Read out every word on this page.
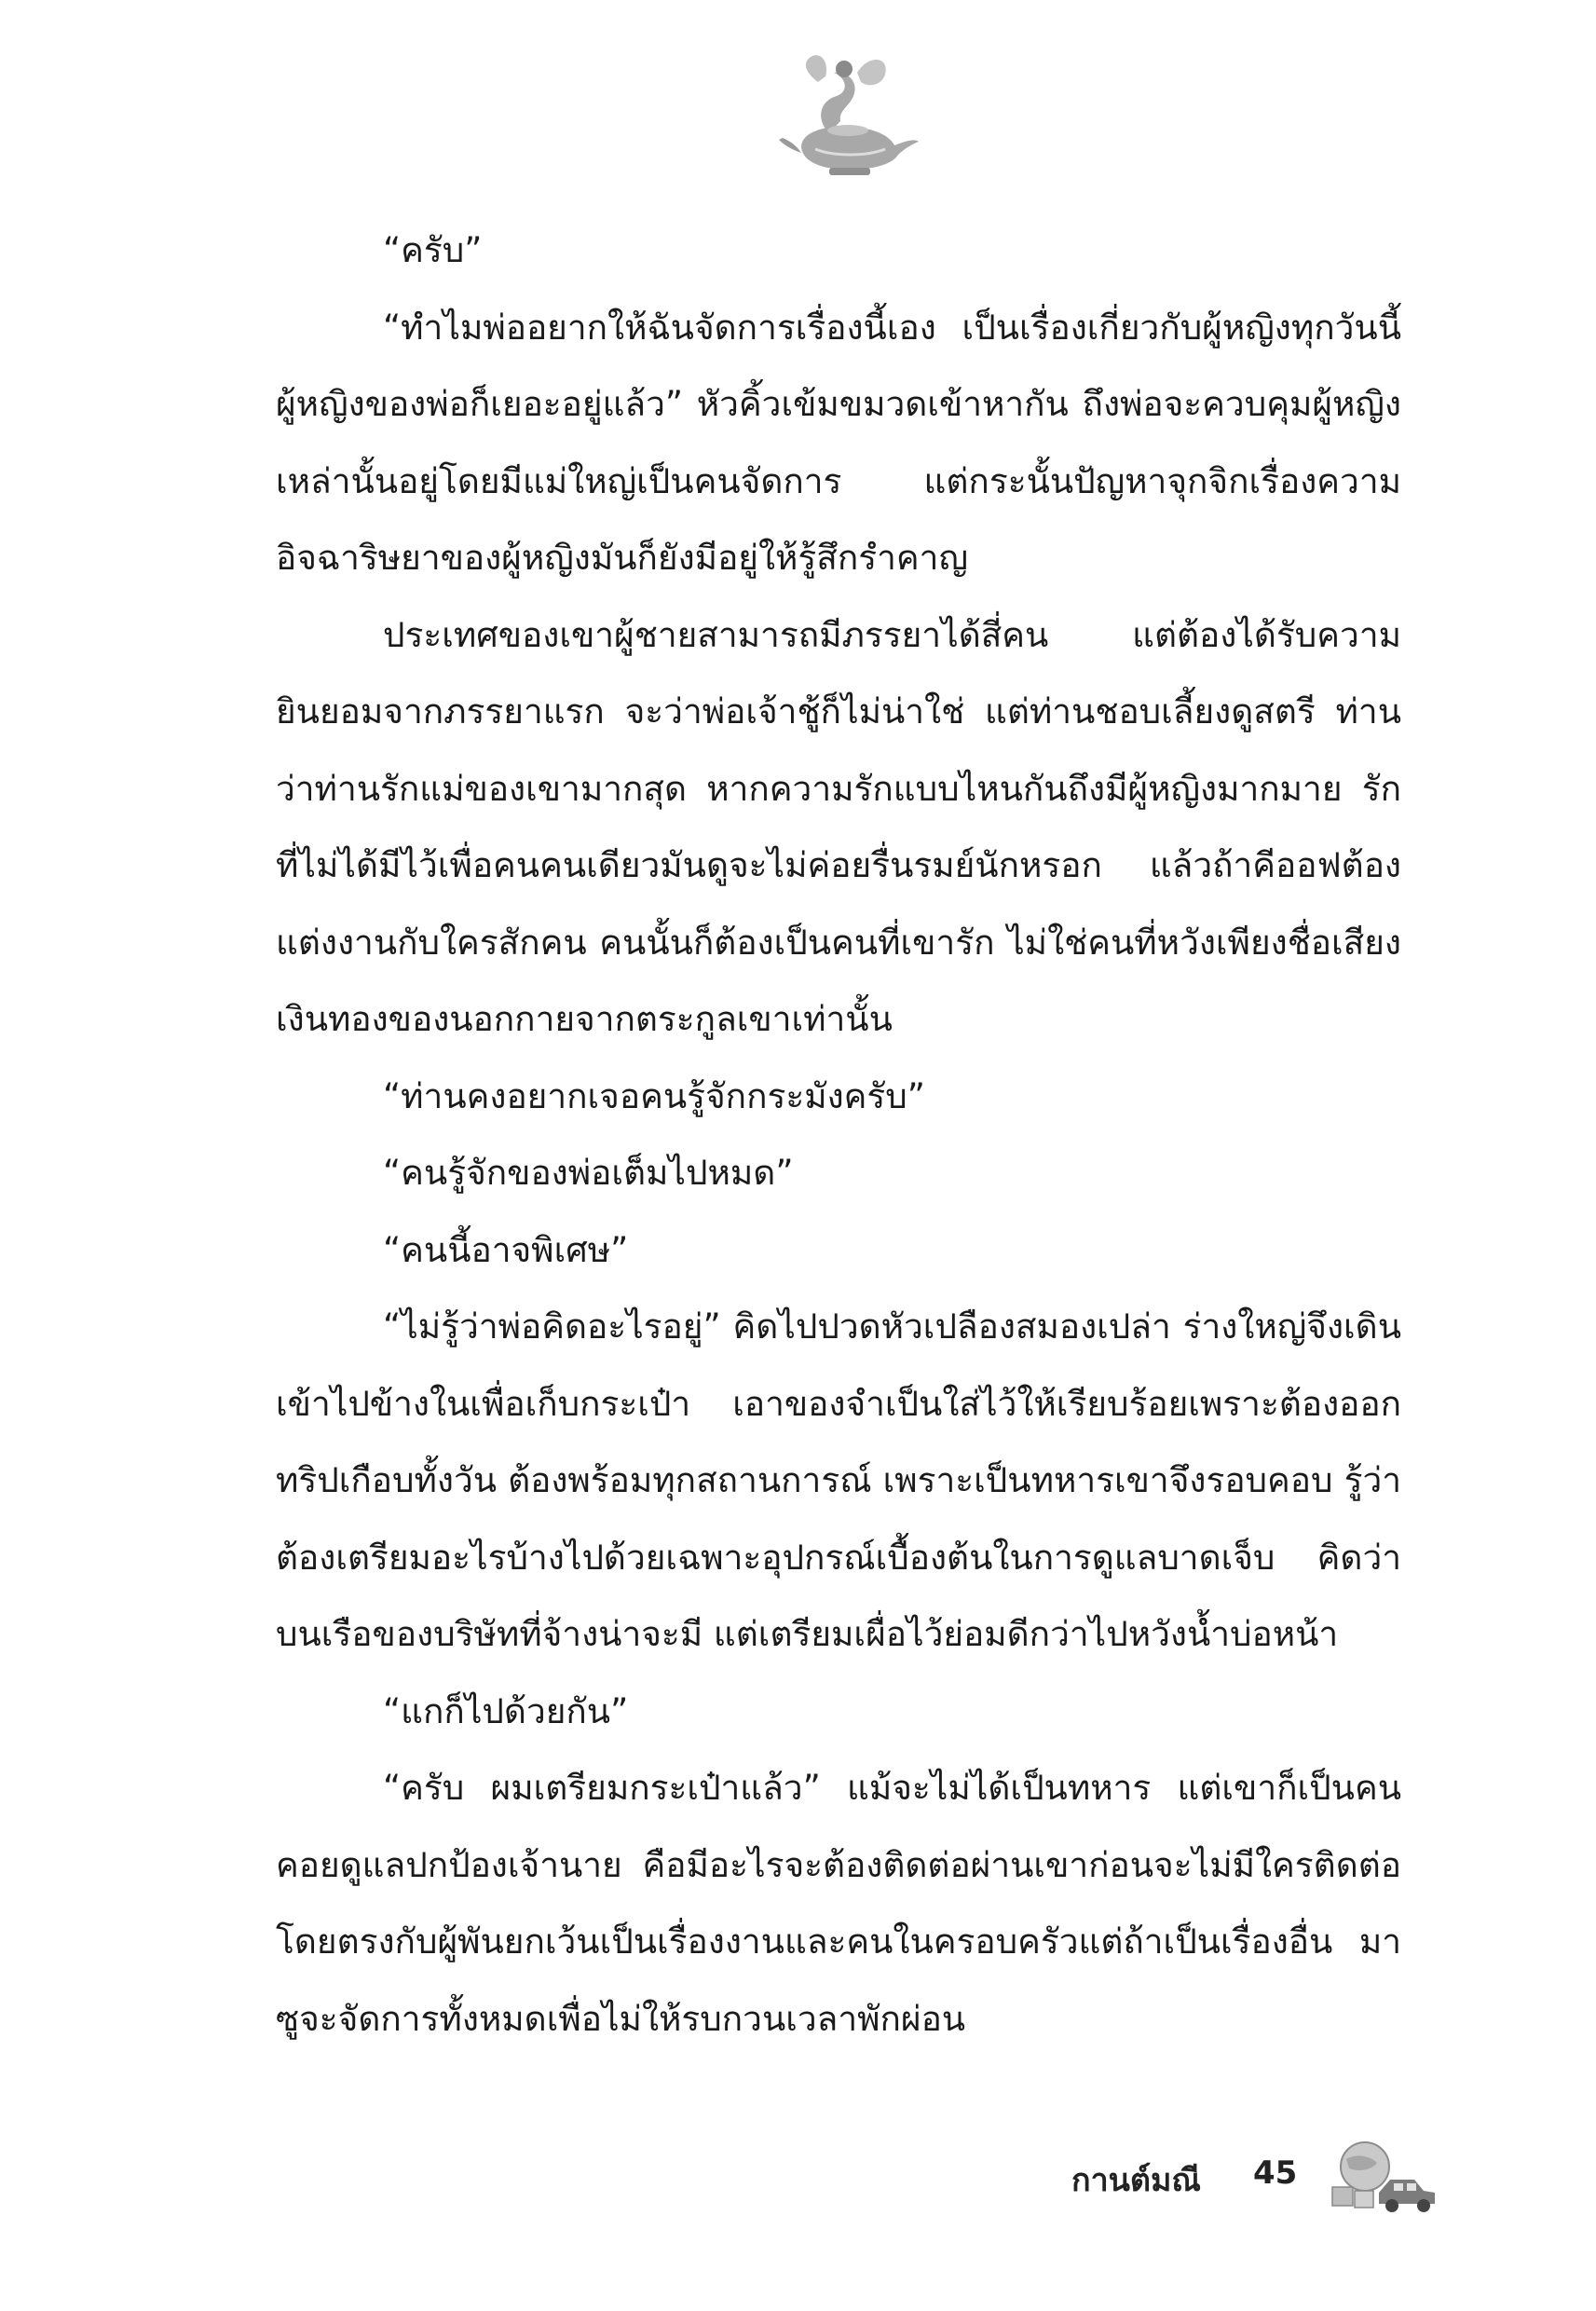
“ครับ”

“ทำไมพ่ออยากให้ฉันจัดการเรื่องนี้เอง เป็นเรื่องเกี่ยวกับผู้หญิงทุกวันนี้ผู้หญิงของพ่อก็เยอะอยู่แล้ว” หัวคิ้วเข้มขมวดเข้าหากัน ถึงพ่อจะควบคุมผู้หญิงเหล่านั้นอยู่โดยมีแม่ใหญ่เป็นคนจัดการ แต่กระนั้นปัญหาจุกจิกเรื่องความอิจฉาริษยาของผู้หญิงมันก็ยังมีอยู่ให้รู้สึกรำคาญ

ประเทศของเขาผู้ชายสามารถมีภรรยาได้สี่คน แต่ต้องได้รับความยินยอมจากภรรยาแรก จะว่าพ่อเจ้าชู้ก็ไม่น่าใช่ แต่ท่านชอบเลี้ยงดูสตรี ท่านว่าท่านรักแม่ของเขามากสุด หากความรักแบบไหนกันถึงมีผู้หญิงมากมาย รักที่ไม่ได้มีไว้เพื่อคนคนเดียวมันดูจะไม่ค่อยรื่นรมย์นักหรอก แล้วถ้าคีออฟต้องแต่งงานกับใครสักคน คนนั้นก็ต้องเป็นคนที่เขารัก ไม่ใช่คนที่หวังเพียงชื่อเสียงเงินทองของนอกกายจากตระกูลเขาเท่านั้น

“ท่านคงอยากเจอคนรู้จักกระมังครับ”

“คนรู้จักของพ่อเต็มไปหมด”

“คนนี้อาจพิเศษ”

“ไม่รู้ว่าพ่อคิดอะไรอยู่” คิดไปปวดหัวเปลืองสมองเปล่า ร่างใหญ่จึงเดินเข้าไปข้างในเพื่อเก็บกระเป๋า เอาของจำเป็นใส่ไว้ให้เรียบร้อยเพราะต้องออกทริปเกือบทั้งวัน ต้องพร้อมทุกสถานการณ์ เพราะเป็นทหารเขาจึงรอบคอบ รู้ว่าต้องเตรียมอะไรบ้างไปด้วยเฉพาะอุปกรณ์เบื้องต้นในการดูแลบาดเจ็บ คิดว่าบนเรือของบริษัทที่จ้างน่าจะมี แต่เตรียมเผื่อไว้ย่อมดีกว่าไปหวังน้ำบ่อหน้า

“แกก็ไปด้วยกัน”

“ครับ ผมเตรียมกระเป๋าแล้ว” แม้จะไม่ได้เป็นทหาร แต่เขาก็เป็นคนคอยดูแลปกป้องเจ้านาย คือมีอะไรจะต้องติดต่อผ่านเขาก่อนจะไม่มีใครติดต่อโดยตรงกับผู้พันยกเว้นเป็นเรื่องงานและคนในครอบครัวแต่ถ้าเป็นเรื่องอื่น มาซูจะจัดการทั้งหมดเพื่อไม่ให้รบกวนเวลาพักผ่อน

กานต์มณี 45
